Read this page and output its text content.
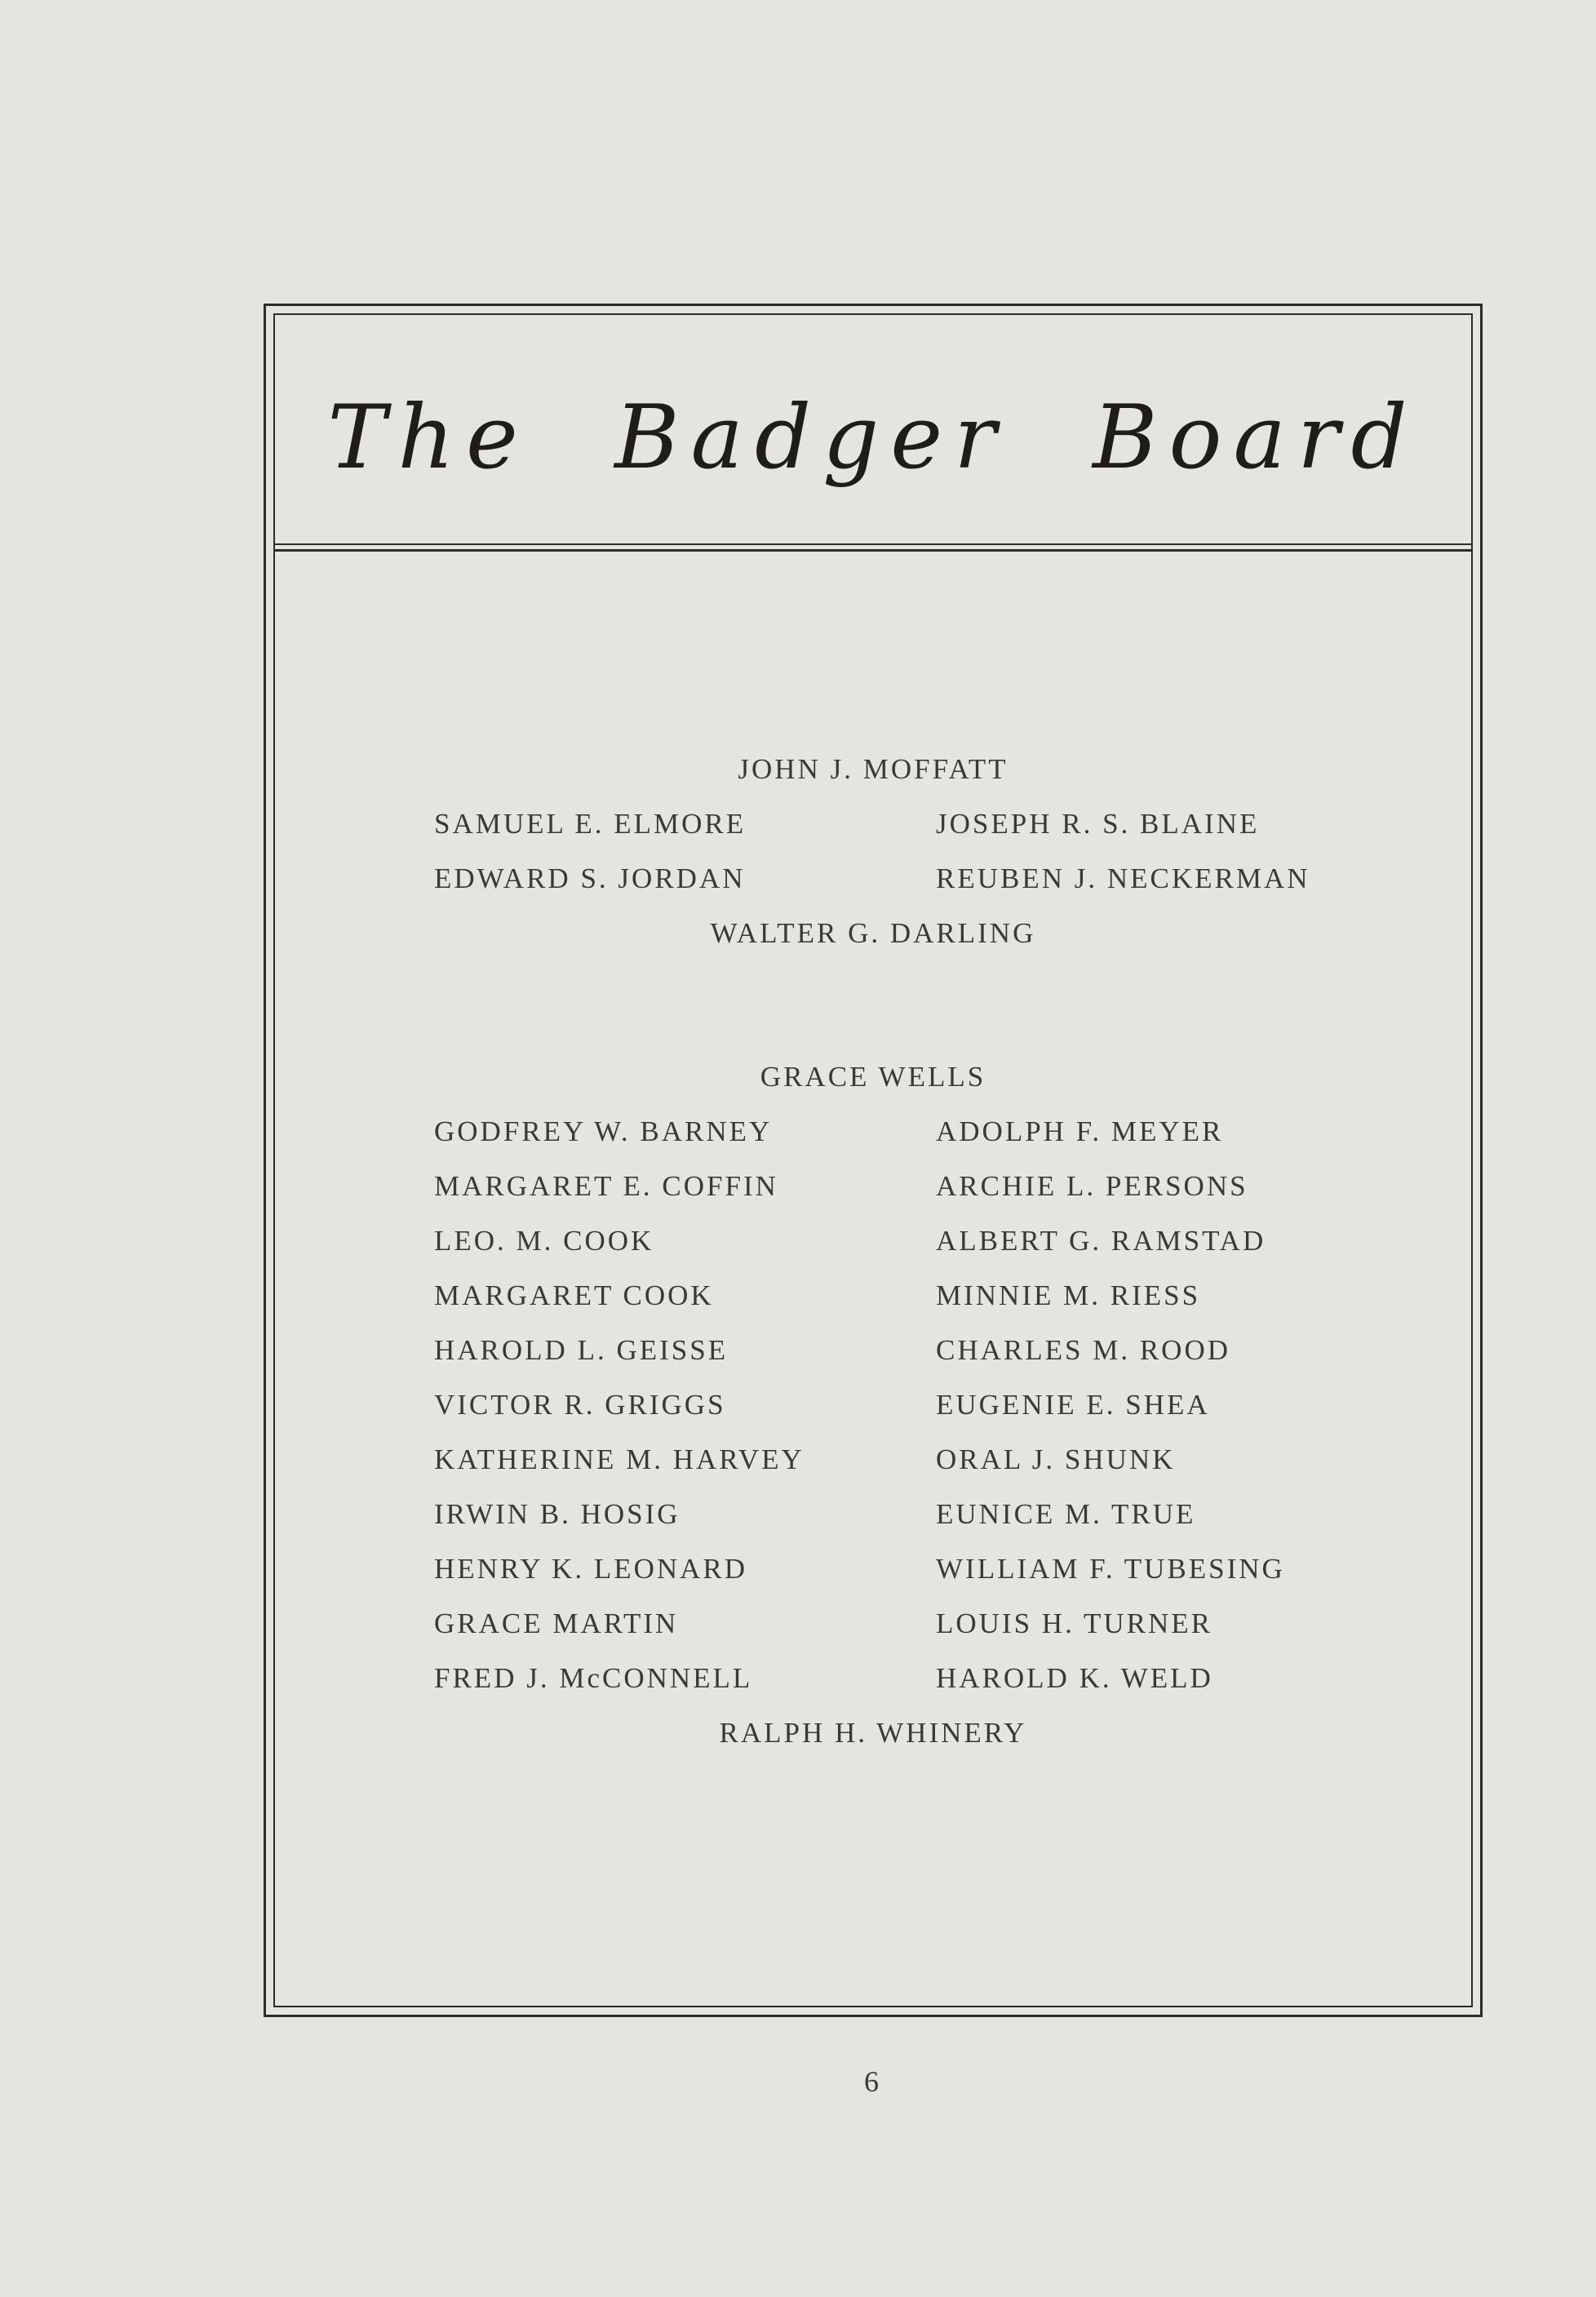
The Badger Board
JOHN J. MOFFATT
SAMUEL E. ELMORE	JOSEPH R. S. BLAINE
EDWARD S. JORDAN	REUBEN J. NECKERMAN
WALTER G. DARLING
GRACE WELLS
GODFREY W. BARNEY	ADOLPH F. MEYER
MARGARET E. COFFIN	ARCHIE L. PERSONS
LEO. M. COOK	ALBERT G. RAMSTAD
MARGARET COOK	MINNIE M. RIESS
HAROLD L. GEISSE	CHARLES M. ROOD
VICTOR R. GRIGGS	EUGENIE E. SHEA
KATHERINE M. HARVEY	ORAL J. SHUNK
IRWIN B. HOSIG	EUNICE M. TRUE
HENRY K. LEONARD	WILLIAM F. TUBESING
GRACE MARTIN	LOUIS H. TURNER
FRED J. McCONNELL	HAROLD K. WELD
RALPH H. WHINERY
6
